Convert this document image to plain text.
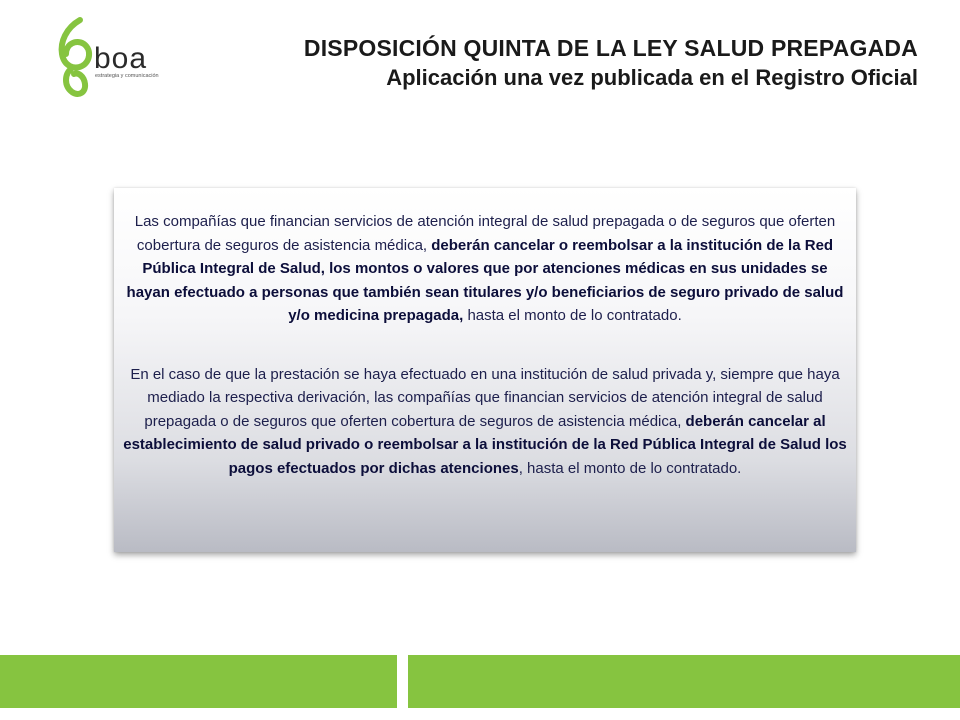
boa
estrategia y comunicación
DISPOSICIÓN QUINTA DE LA LEY SALUD PREPAGADA
Aplicación una vez publicada en el Registro Oficial

Las compañías que financian servicios de atención integral de salud prepagada o de seguros que oferten cobertura de seguros de asistencia médica, deberán cancelar o reembolsar a la institución de la Red Pública Integral de Salud, los montos o valores que por atenciones médicas en sus unidades se hayan efectuado a personas que también sean titulares y/o beneficiarios de seguro privado de salud y/o medicina prepagada, hasta el monto de lo contratado.

En el caso de que la prestación se haya efectuado en una institución de salud privada y, siempre que haya mediado la respectiva derivación, las compañías que financian servicios de atención integral de salud prepagada o de seguros que oferten cobertura de seguros de asistencia médica, deberán cancelar al establecimiento de salud privado o reembolsar a la institución de la Red Pública Integral de Salud los pagos efectuados por dichas atenciones, hasta el monto de lo contratado.
